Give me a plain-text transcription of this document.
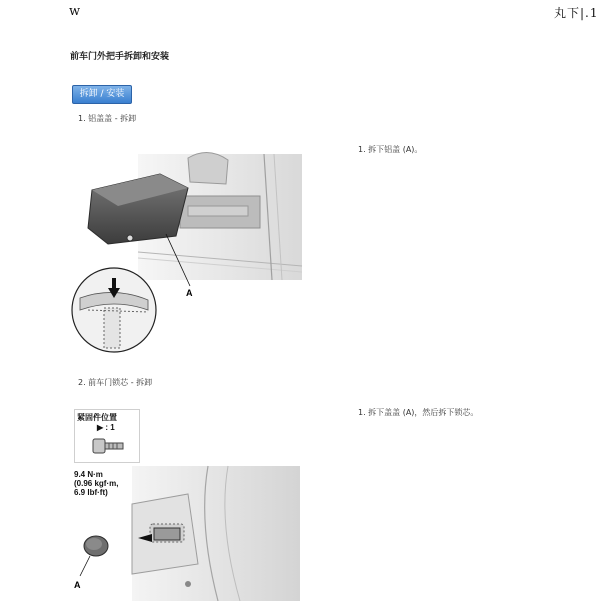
w	丸下|.1
前车门外把手拆卸和安装
拆卸 / 安装
1. 铝盖盖 - 拆卸
1. 拆下铝盖 (A)。
A
2. 前车门锁芯 - 拆卸
1. 拆下盖盖 (A)，然后拆下锁芯。
紧固件位置
▶ : 1
9.4 N·m
(0.96 kgf·m,
6.9 lbf·ft)
A
